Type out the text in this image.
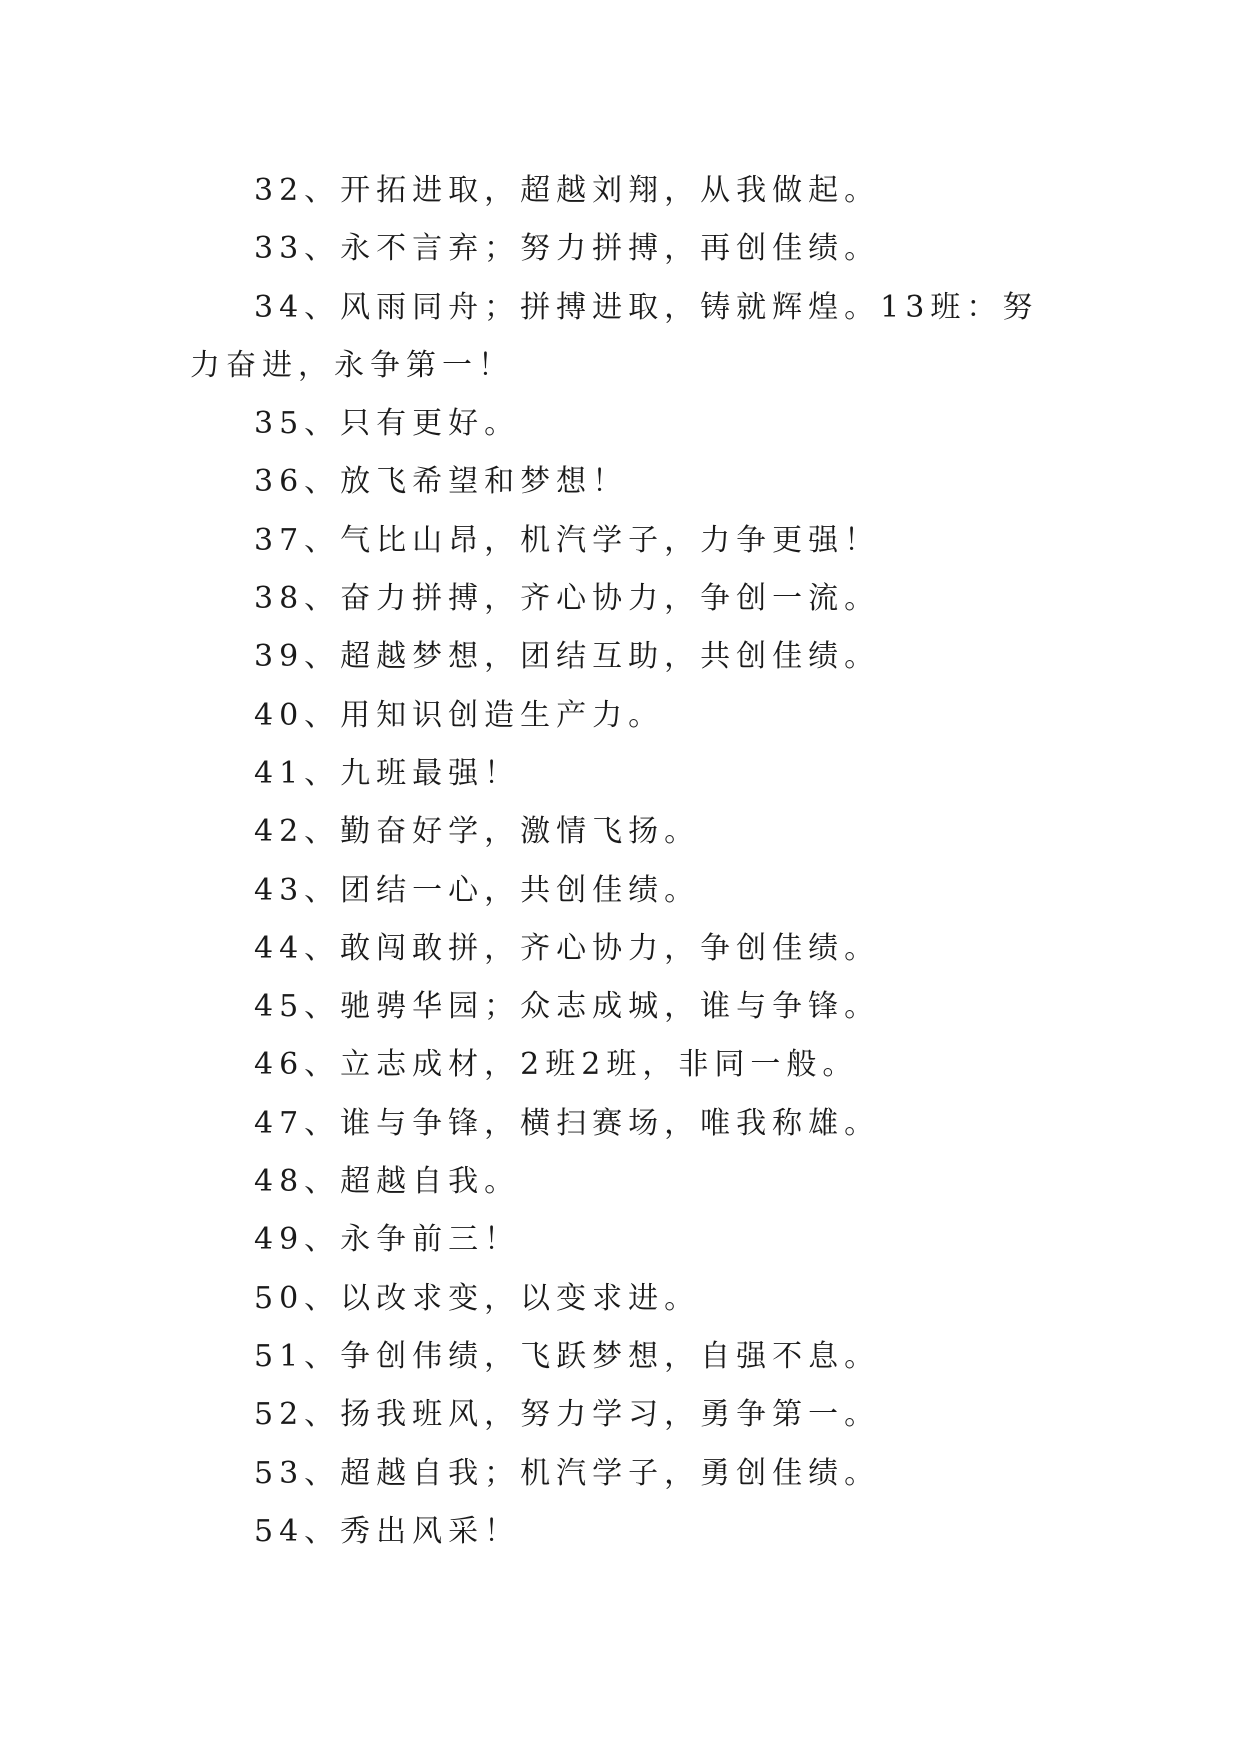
32、开拓进取，超越刘翔，从我做起。

33、永不言弃；努力拼搏，再创佳绩。

34、风雨同舟；拼搏进取，铸就辉煌。13班：努力奋进，永争第一！

35、只有更好。

36、放飞希望和梦想！

37、气比山昂，机汽学子，力争更强！

38、奋力拼搏，齐心协力，争创一流。

39、超越梦想，团结互助，共创佳绩。

40、用知识创造生产力。

41、九班最强！

42、勤奋好学，激情飞扬。

43、团结一心，共创佳绩。

44、敢闯敢拼，齐心协力，争创佳绩。

45、驰骋华园；众志成城，谁与争锋。

46、立志成材，2班2班，非同一般。

47、谁与争锋，横扫赛场，唯我称雄。

48、超越自我。

49、永争前三！

50、以改求变，以变求进。

51、争创伟绩，飞跃梦想，自强不息。

52、扬我班风，努力学习，勇争第一。

53、超越自我；机汽学子，勇创佳绩。

54、秀出风采！
